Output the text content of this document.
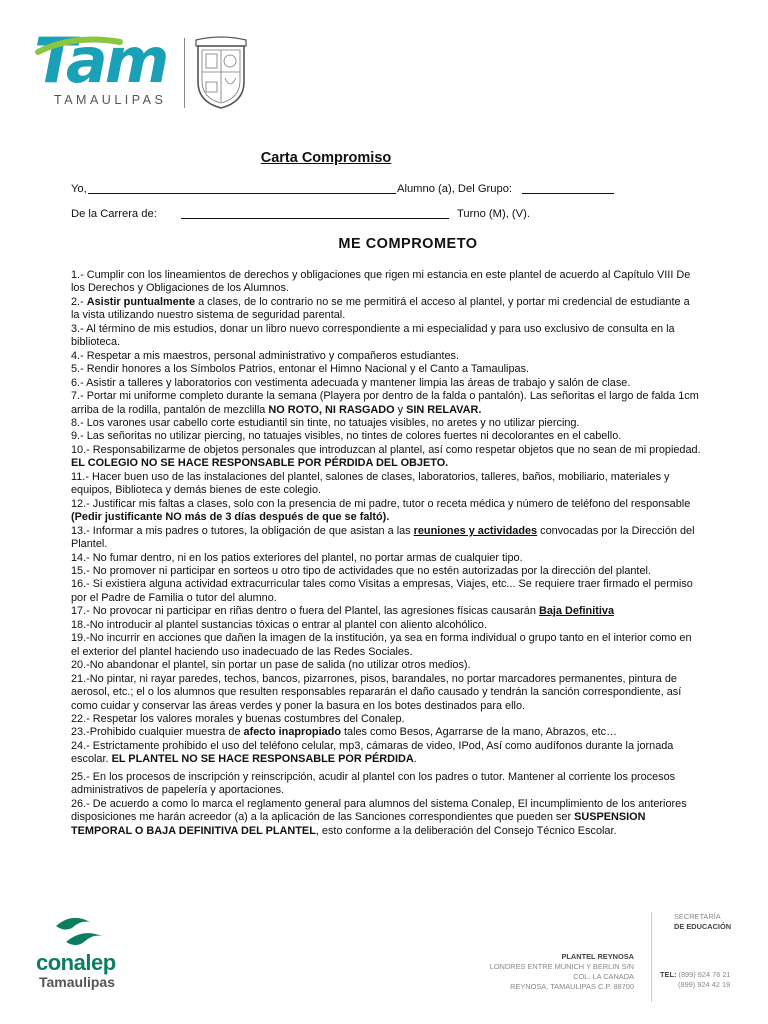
Tam
TAMAULIPAS
Carta Compromiso
Yo,	Alumno (a), Del Grupo:
De la Carrera de:	Turno (M), (V).
ME COMPROMETO

1.- Cumplir con los lineamientos de derechos y obligaciones que rigen mi estancia en este plantel de acuerdo al Capítulo VIII De los Derechos y Obligaciones de los Alumnos.

2.- Asistir puntualmente a clases, de lo contrario no se me permitirá el acceso al plantel, y portar mi credencial de estudiante a la vista utilizando nuestro sistema de seguridad parental.

3.- Al término de mis estudios, donar un libro nuevo correspondiente a mi especialidad y para uso exclusivo de consulta en la biblioteca.

4.- Respetar a mis maestros, personal administrativo y compañeros estudiantes.

5.- Rendir honores a los Símbolos Patrios, entonar el Himno Nacional y el Canto a Tamaulipas.

6.- Asistir a talleres y laboratorios con vestimenta adecuada y mantener limpia las áreas de trabajo y salón de clase.

7.- Portar mi uniforme completo durante la semana (Playera por dentro de la falda o pantalón). Las señoritas el largo de falda 1cm arriba de la rodilla, pantalón de mezclilla NO ROTO, NI RASGADO y SIN RELAVAR.

8.- Los varones usar cabello corte estudiantil sin tinte, no tatuajes visibles, no aretes y no utilizar piercing.

9.- Las señoritas no utilizar piercing, no tatuajes visibles, no tintes de colores fuertes ni decolorantes en el cabello.

10.- Responsabilizarme de objetos personales que introduzcan al plantel, así como respetar objetos que no sean de mi propiedad. EL COLEGIO NO SE HACE RESPONSABLE POR PÉRDIDA DEL OBJETO.

11.- Hacer buen uso de las instalaciones del plantel, salones de clases, laboratorios, talleres, baños, mobiliario, materiales y equipos, Biblioteca y demás bienes de este colegio.

12.- Justificar mis faltas a clases, solo con la presencia de mi padre, tutor o receta médica y número de teléfono del responsable (Pedir justificante NO más de 3 días después de que se faltó).

13.- Informar a mis padres o tutores, la obligación de que asistan a las reuniones y actividades convocadas por la Dirección del Plantel.

14.- No fumar dentro, ni en los patios exteriores del plantel, no portar armas de cualquier tipo.

15.- No promover ni participar en sorteos u otro tipo de actividades que no estén autorizadas por la dirección del plantel.

16.- Si existiera alguna actividad extracurricular tales como Visitas a empresas, Viajes, etc... Se requiere traer firmado el permiso por el Padre de Familia o tutor del alumno.

17.- No provocar ni participar en riñas dentro o fuera del Plantel, las agresiones físicas causarán Baja Definitiva

18.-No introducir al plantel sustancias tóxicas o entrar al plantel con aliento alcohólico.

19.-No incurrir en acciones que dañen la imagen de la institución, ya sea en forma individual o grupo tanto en el interior como en el exterior del plantel haciendo uso inadecuado de las Redes Sociales.

20.-No abandonar el plantel, sin portar un pase de salida (no utilizar otros medios).

21.-No pintar, ni rayar paredes, techos, bancos, pizarrones, pisos, barandales, no portar marcadores permanentes, pintura de aerosol, etc.; el o los alumnos que resulten responsables repararán el daño causado y tendrán la sanción correspondiente, así como cuidar y conservar las áreas verdes y poner la basura en los botes destinados para ello.

22.- Respetar los valores morales y buenas costumbres del Conalep.

23.-Prohibido cualquier muestra de afecto inapropiado tales como Besos, Agarrarse de la mano, Abrazos, etc…

24.- Estrictamente prohibido el uso del teléfono celular, mp3, cámaras de video, IPod, Así como audífonos durante la jornada escolar. EL PLANTEL NO SE HACE RESPONSABLE POR PÉRDIDA.

25.- En los procesos de inscripción y reinscripción, acudir al plantel con los padres o tutor. Mantener al corriente los procesos administrativos de papelería y aportaciones.

26.- De acuerdo a como lo marca el reglamento general para alumnos del sistema Conalep, El incumplimiento de los anteriores disposiciones me harán acreedor (a) a la aplicación de las Sanciones correspondientes que pueden ser SUSPENSION TEMPORAL O BAJA DEFINITIVA DEL PLANTEL, esto conforme a la deliberación del Consejo Técnico Escolar.

conalep
Tamaulipas
PLANTEL REYNOSA
LONDRES ENTRE MUNICH Y BERLIN S/N
COL. LA CANADA
REYNOSA, TAMAULIPAS C.P. 88700
SECRETARÍA
DE EDUCACIÓN
TEL: (899) 924 76 21
(899) 924 42 19
